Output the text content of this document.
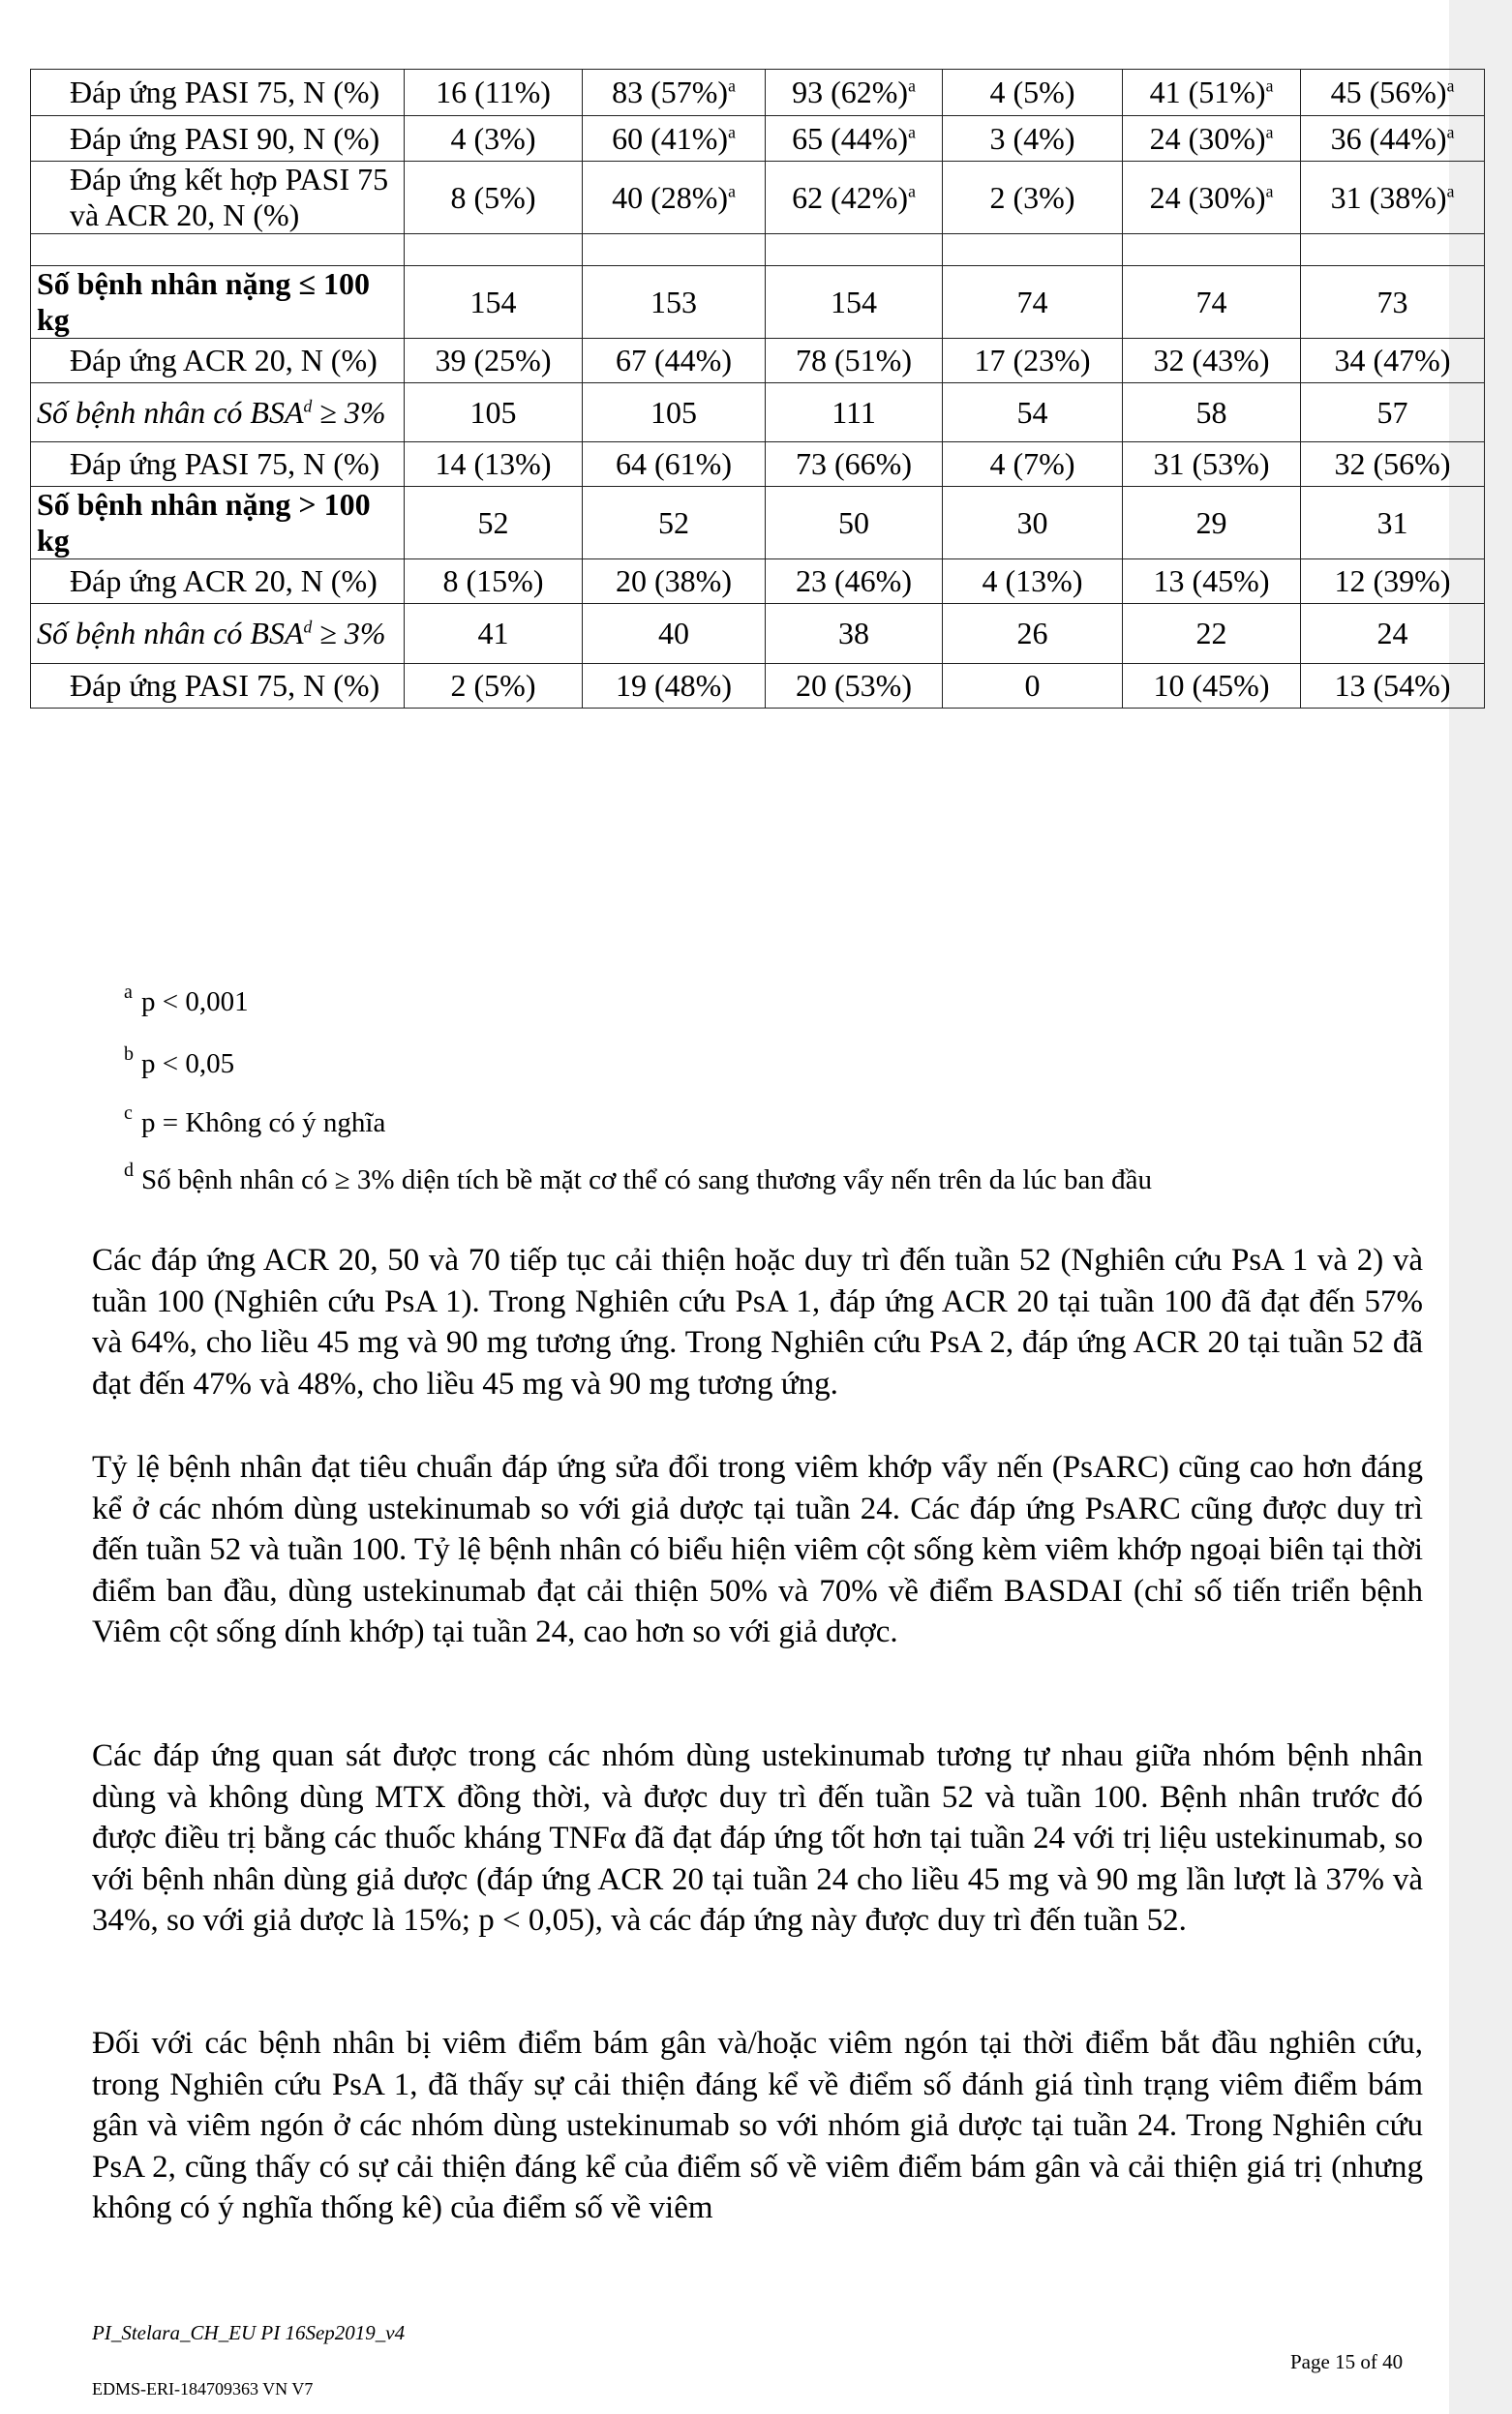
Đáp ứng PASI 75, N (%)	16 (11%)	83 $(57\%)^a$	93 $(62\%)^a$	4 (5%)	41 $(51\%)^a$	45 $(56\%)^a$
Đáp ứng PASI 90, N (%)	4 (3%)	60 $(41\%)^a$	65 $(44\%)^a$	3 (4%)	24 $(30\%)^a$	36 $(44\%)^a$
Đáp ứng kết hợp PASI 75 và ACR 20, N (%)	8 (5%)	40 $(28\%)^a$	62 $(42\%)^a$	2 (3%)	24 $(30\%)^a$	31 $(38\%)^a$

Số bệnh nhân nặng ≤ 100 kg	154	153	154	74	74	73
Đáp ứng ACR 20, N (%)	39 (25%)	67 (44%)	78 (51%)	17 (23%)	32 (43%)	34 (47%)
Số bệnh nhân có $BSA^d \ge 3\%$	105	105	111	54	58	57
Đáp ứng PASI 75, N (%)	14 (13%)	64 (61%)	73 (66%)	4 (7%)	31 (53%)	32 (56%)
Số bệnh nhân nặng > 100 kg	52	52	50	30	29	31
Đáp ứng ACR 20, N (%)	8 (15%)	20 (38%)	23 (46%)	4 (13%)	13 (45%)	12 (39%)
Số bệnh nhân có $BSA^d \ge 3\%$	41	40	38	26	22	24
Đáp ứng PASI 75, N (%)	2 (5%)	19 (48%)	20 (53%)	0	10 (45%)	13 (54%)
a p < 0,001
b p < 0,05
c p = Không có ý nghĩa
d Số bệnh nhân có ≥ 3% diện tích bề mặt cơ thể có sang thương vẩy nến trên da lúc ban đầu

Các đáp ứng ACR 20, 50 và 70 tiếp tục cải thiện hoặc duy trì đến tuần 52 (Nghiên cứu PsA 1 và 2) và tuần 100 (Nghiên cứu PsA 1). Trong Nghiên cứu PsA 1, đáp ứng ACR 20 tại tuần 100 đã đạt đến 57% và 64%, cho liều 45 mg và 90 mg tương ứng. Trong Nghiên cứu PsA 2, đáp ứng ACR 20 tại tuần 52 đã đạt đến 47% và 48%, cho liều 45 mg và 90 mg tương ứng.

Tỷ lệ bệnh nhân đạt tiêu chuẩn đáp ứng sửa đổi trong viêm khớp vẩy nến (PsARC) cũng cao hơn đáng kể ở các nhóm dùng ustekinumab so với giả dược tại tuần 24. Các đáp ứng PsARC cũng được duy trì đến tuần 52 và tuần 100. Tỷ lệ bệnh nhân có biểu hiện viêm cột sống kèm viêm khớp ngoại biên tại thời điểm ban đầu, dùng ustekinumab đạt cải thiện 50% và 70% về điểm BASDAI (chỉ số tiến triển bệnh Viêm cột sống dính khớp) tại tuần 24, cao hơn so với giả dược.

Các đáp ứng quan sát được trong các nhóm dùng ustekinumab tương tự nhau giữa nhóm bệnh nhân dùng và không dùng MTX đồng thời, và được duy trì đến tuần 52 và tuần 100. Bệnh nhân trước đó được điều trị bằng các thuốc kháng TNFα đã đạt đáp ứng tốt hơn tại tuần 24 với trị liệu ustekinumab, so với bệnh nhân dùng giả dược (đáp ứng ACR 20 tại tuần 24 cho liều 45 mg và 90 mg lần lượt là 37% và 34%, so với giả dược là 15%; p < 0,05), và các đáp ứng này được duy trì đến tuần 52.

Đối với các bệnh nhân bị viêm điểm bám gân và/hoặc viêm ngón tại thời điểm bắt đầu nghiên cứu, trong Nghiên cứu PsA 1, đã thấy sự cải thiện đáng kể về điểm số đánh giá tình trạng viêm điểm bám gân và viêm ngón ở các nhóm dùng ustekinumab so với nhóm giả dược tại tuần 24. Trong Nghiên cứu PsA 2, cũng thấy có sự cải thiện đáng kể của điểm số về viêm điểm bám gân và cải thiện giá trị (nhưng không có ý nghĩa thống kê) của điểm số về viêm

PI_Stelara_CH_EU PI 16Sep2019_v4
EDMS-ERI-184709363 VN V7
Page 15 of 40
